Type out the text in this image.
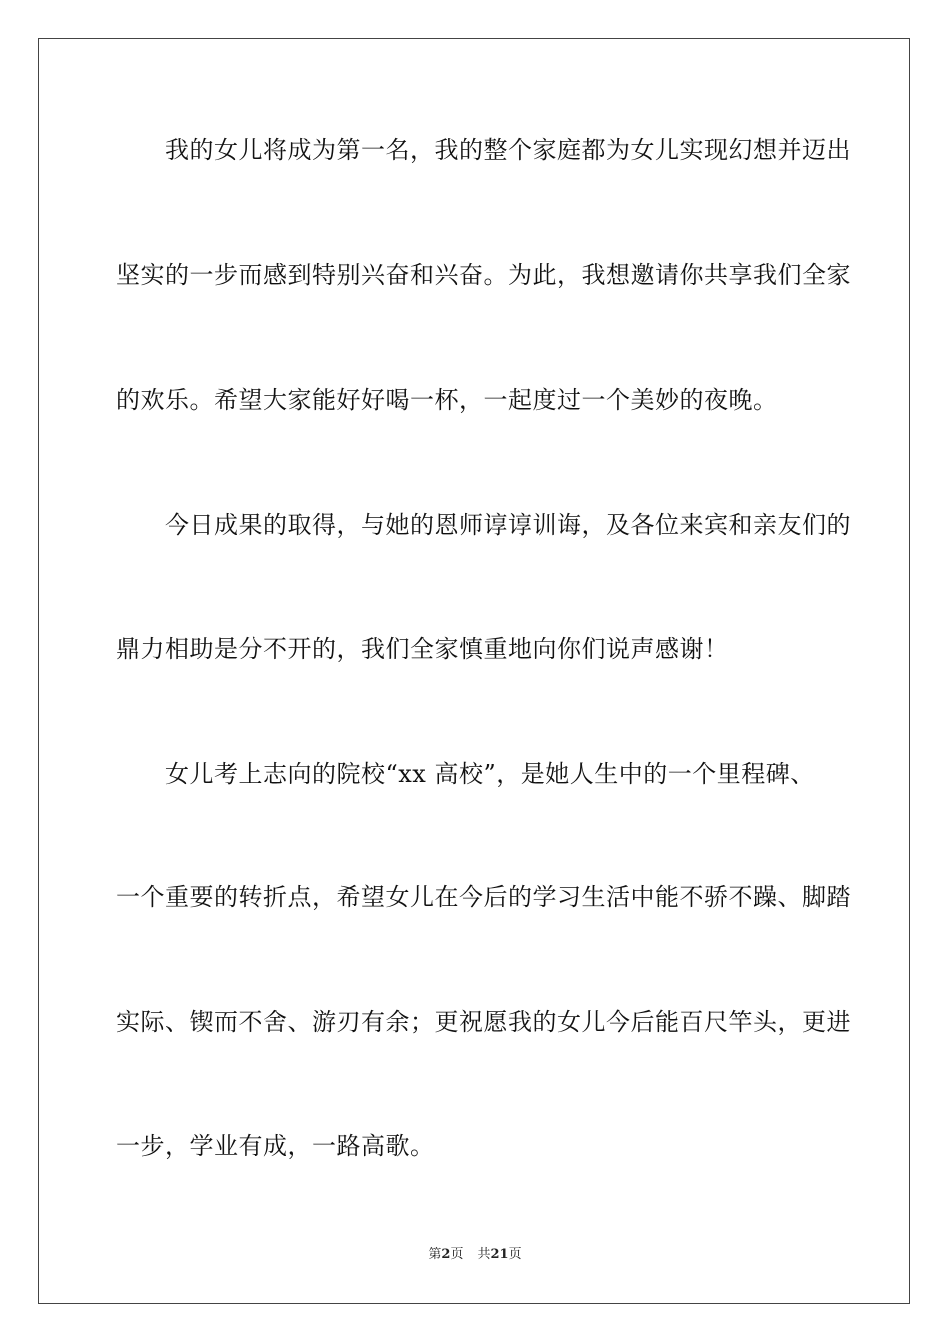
我的女儿将成为第一名，我的整个家庭都为女儿实现幻想并迈出
坚实的一步而感到特别兴奋和兴奋。为此，我想邀请你共享我们全家
的欢乐。希望大家能好好喝一杯，一起度过一个美妙的夜晚。
今日成果的取得，与她的恩师谆谆训诲，及各位来宾和亲友们的
鼎力相助是分不开的，我们全家慎重地向你们说声感谢！
女儿考上志向的院校“xx 高校”，是她人生中的一个里程碑、
一个重要的转折点，希望女儿在今后的学习生活中能不骄不躁、脚踏
实际、锲而不舍、游刃有余；更祝愿我的女儿今后能百尺竿头，更进
一步，学业有成，一路高歌。
第2页 共21页
